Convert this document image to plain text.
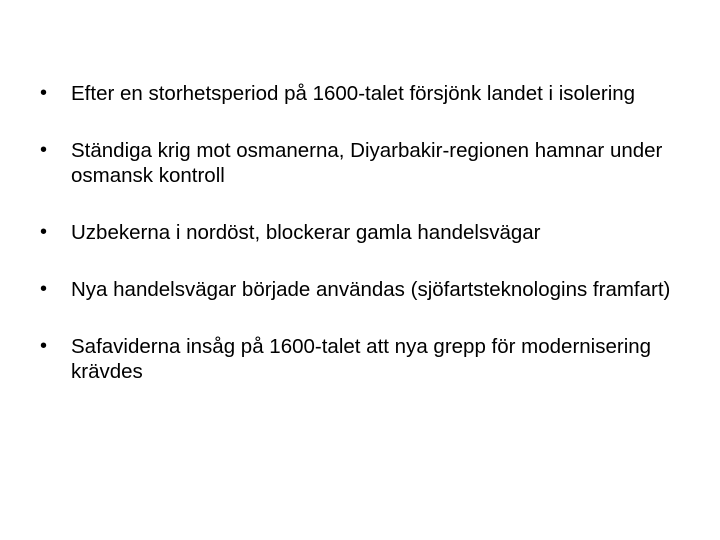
•	Efter en storhetsperiod på 1600-talet försjönk landet i isolering
•	Ständiga krig mot osmanerna, Diyarbakir-regionen hamnar under osmansk kontroll
•	Uzbekerna i nordöst, blockerar gamla handelsvägar
•	Nya handelsvägar började användas (sjöfartsteknologins framfart)
•	Safaviderna insåg på 1600-talet att nya grepp för modernisering krävdes
